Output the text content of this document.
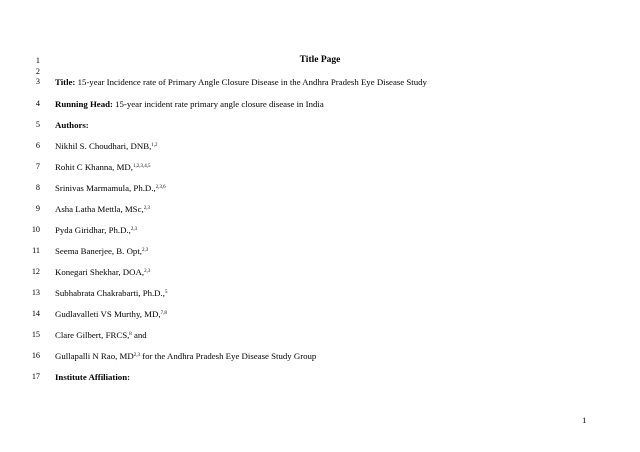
Title Page
1
2
3 Title: 15-year Incidence rate of Primary Angle Closure Disease in the Andhra Pradesh Eye Disease Study
4 Running Head: 15-year incident rate primary angle closure disease in India
5 Authors:
6 Nikhil S. Choudhari, DNB,$^{1,2}$
7 Rohit C Khanna, MD,$^{1,2,3,4,5}$
8 Srinivas Marmamula, Ph.D.,$^{2,3,6}$
9 Asha Latha Mettla, MSc,$^{2,3}$
10 Pyda Giridhar, Ph.D.,$^{2,3}$
11 Seema Banerjee, B. Opt,$^{2,3}$
12 Konegari Shekhar, DOA,$^{2,3}$
13 Subhabrata Chakrabarti, Ph.D.,$^5$
14 Gudlavalleti VS Murthy, MD,$^{7,8}$
15 Clare Gilbert, FRCS,$^8$ and
16 Gullapalli N Rao, MD$^{2,3}$ for the Andhra Pradesh Eye Disease Study Group
17 Institute Affiliation:
1
